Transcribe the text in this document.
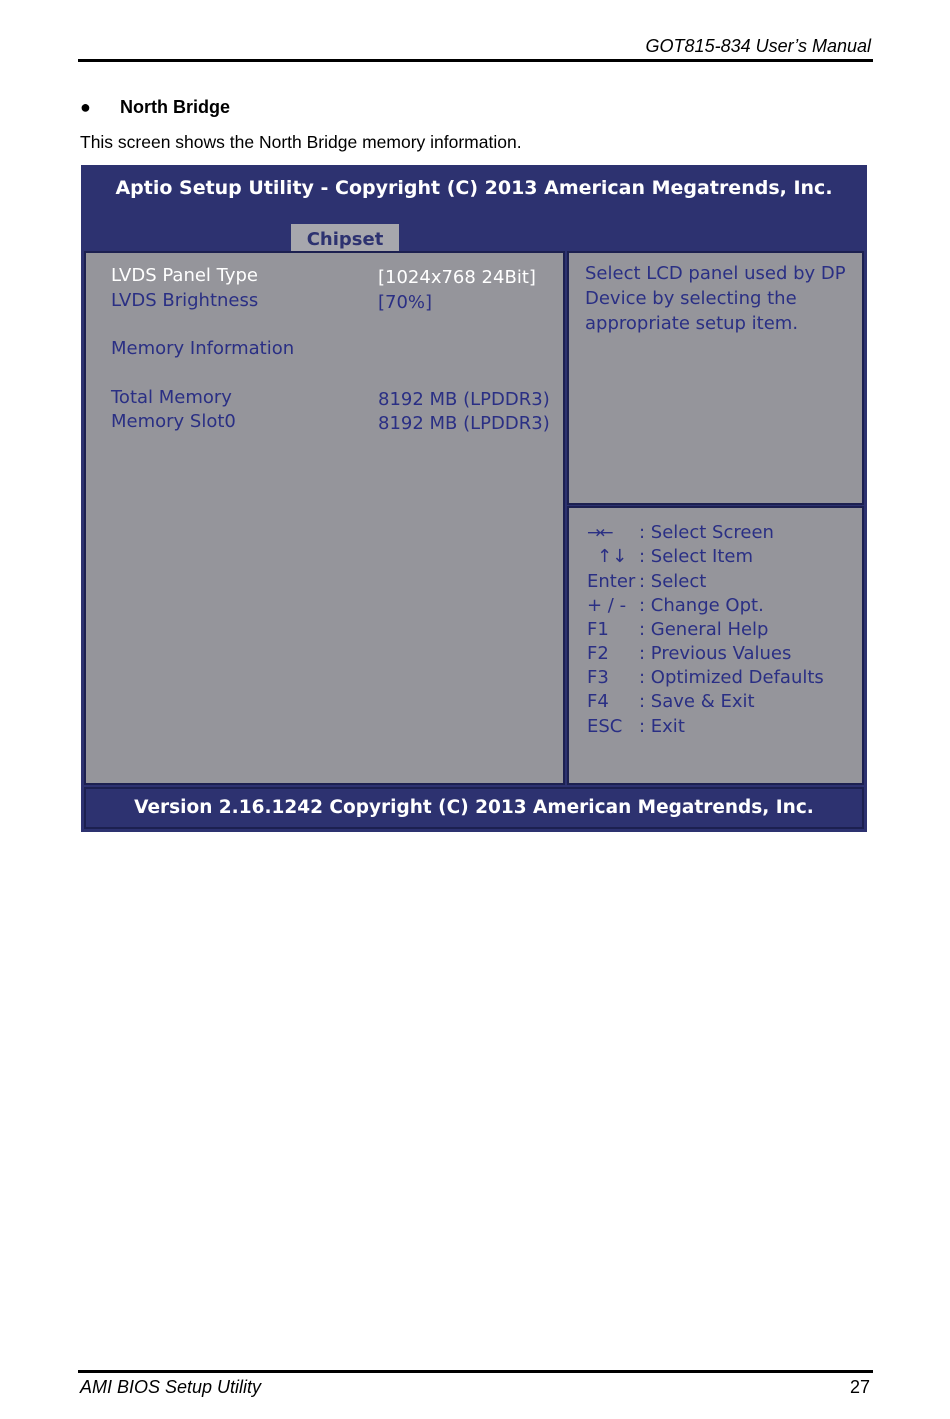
GOT815-834 User’s Manual
● North Bridge
This screen shows the North Bridge memory information.
Aptio Setup Utility - Copyright (C) 2013 American Megatrends, Inc.
Chipset
LVDS Panel Type	[1024x768 24Bit]
LVDS Brightness	[70%]
Memory Information
Total Memory	8192 MB (LPDDR3)
Memory Slot0	8192 MB (LPDDR3)
Select LCD panel used by DP Device by selecting the appropriate setup item.
→← : Select Screen
↑↓ : Select Item
Enter : Select
+ / - : Change Opt.
F1 : General Help
F2 : Previous Values
F3 : Optimized Defaults
F4 : Save & Exit
ESC : Exit
Version 2.16.1242 Copyright (C) 2013 American Megatrends, Inc.
AMI BIOS Setup Utility	27
